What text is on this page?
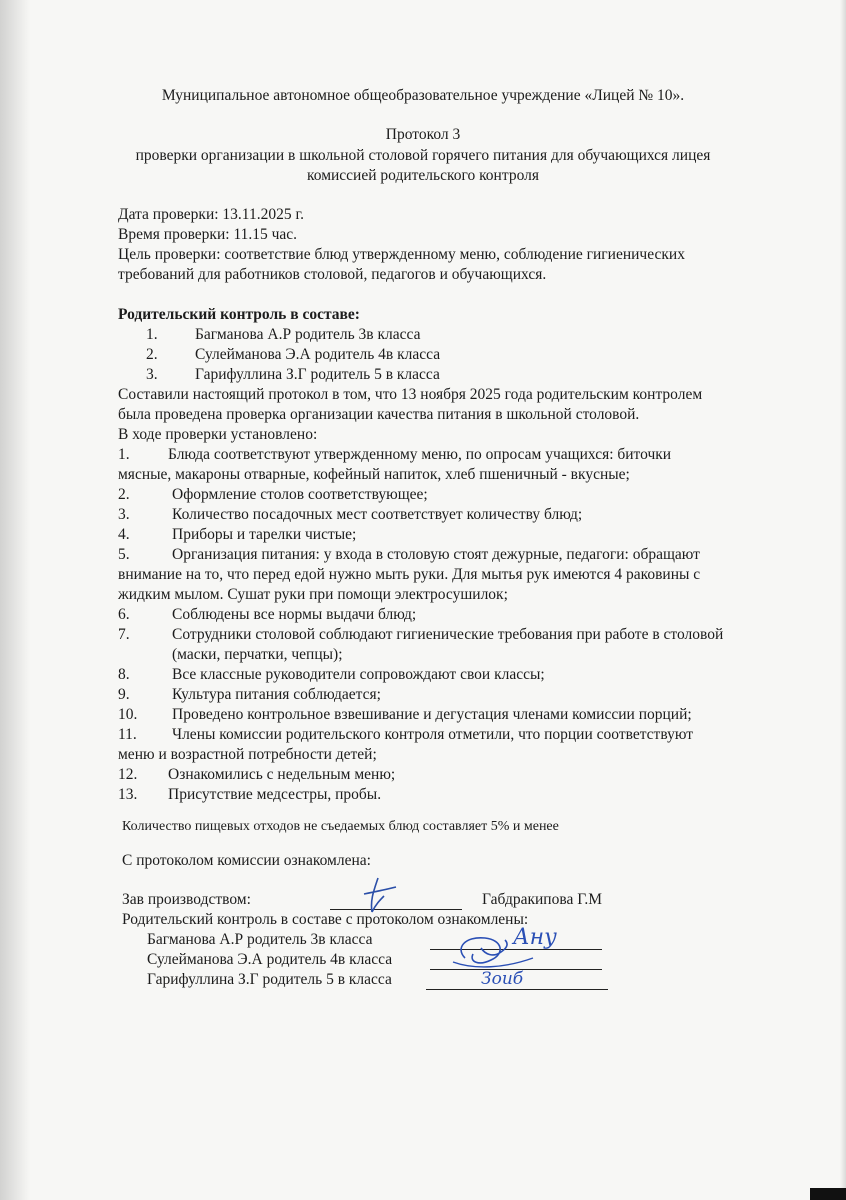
Муниципальное автономное общеобразовательное учреждение «Лицей № 10».
Протокол 3
проверки организации в школьной столовой горячего питания для обучающихся лицея
комиссией родительского контроля
Дата проверки: 13.11.2025 г.
Время проверки: 11.15 час.
Цель проверки: соответствие блюд утвержденному меню, соблюдение гигиенических
требований для работников столовой, педагогов и обучающихся.
Родительский контроль в составе:
1. Багманова А.Р родитель 3в класса
2. Сулейманова Э.А родитель 4в класса
3. Гарифуллина З.Г родитель 5 в класса
Составили настоящий протокол в том, что 13 ноября 2025 года родительским контролем
была проведена проверка организации качества питания в школьной столовой.
В ходе проверки установлено:
1. Блюда соответствуют утвержденному меню, по опросам учащихся: биточки
мясные, макароны отварные, кофейный напиток, хлеб пшеничный - вкусные;
2.	Оформление столов соответствующее;
3.	Количество посадочных мест соответствует количеству блюд;
4.	Приборы и тарелки чистые;
5.	Организация питания: у входа в столовую стоят дежурные, педагоги: обращают
внимание на то, что перед едой нужно мыть руки. Для мытья рук имеются 4 раковины с
жидким мылом. Сушат руки при помощи электросушилок;
6.	Соблюдены все нормы выдачи блюд;
7.	Сотрудники столовой соблюдают гигиенические требования при работе в столовой
(маски, перчатки, чепцы);
8.	Все классные руководители сопровождают свои классы;
9.	Культура питания соблюдается;
10. Проведено контрольное взвешивание и дегустация членами комиссии порций;
11. Члены комиссии родительского контроля отметили, что порции соответствуют
меню и возрастной потребности детей;
12. Ознакомились с недельным меню;
13. Присутствие медсестры, пробы.
Количество пищевых отходов не съедаемых блюд составляет 5% и менее
С протоколом комиссии ознакомлена:
Зав производством:	Габдракипова Г.М
Родительский контроль в составе с протоколом ознакомлены:
Багманова А.Р родитель 3в класса
Сулейманова Э.А родитель 4в класса
Гарифуллина З.Г родитель 5 в класса
Ану
Зоиб
